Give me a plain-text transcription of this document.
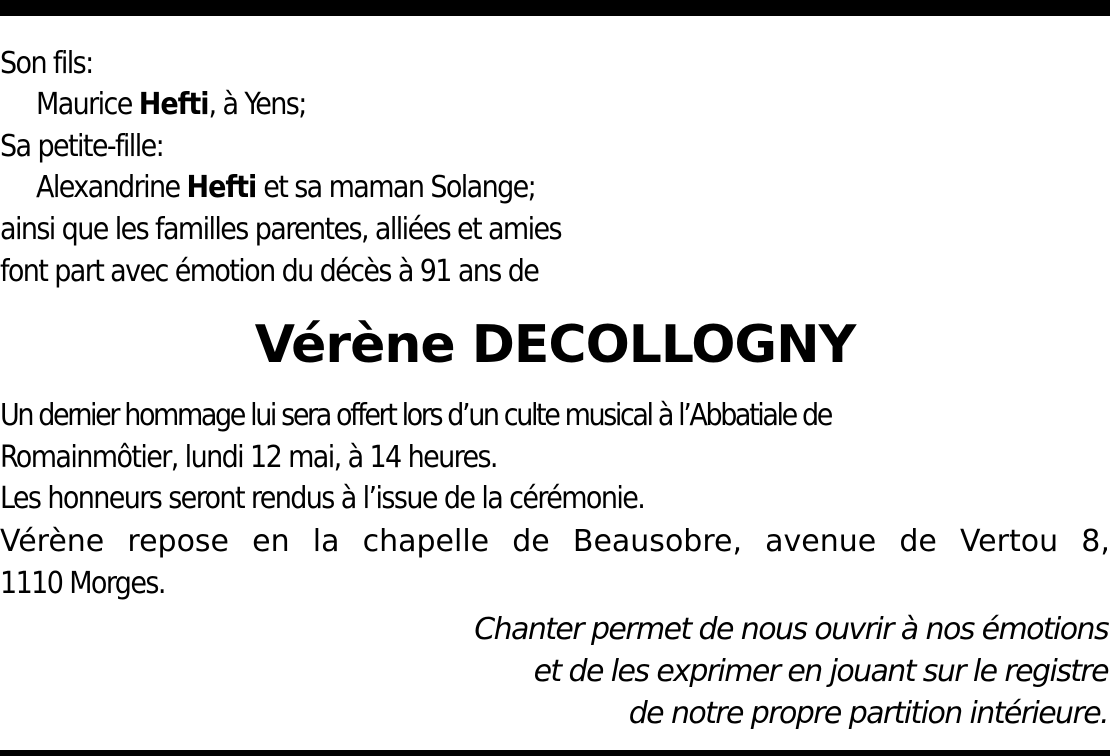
Son fils:
Maurice Hefti, à Yens;
Sa petite-fille:
Alexandrine Hefti et sa maman Solange;
ainsi que les familles parentes, alliées et amies
font part avec émotion du décès à 91 ans de
Vérène DECOLLOGNY
Un dernier hommage lui sera offert lors d’un culte musical à l’Abbatiale de
Romainmôtier, lundi 12 mai, à 14 heures.
Les honneurs seront rendus à l’issue de la cérémonie.
Vérène repose en la chapelle de Beausobre, avenue de Vertou 8,
1110 Morges.
Chanter permet de nous ouvrir à nos émotions
et de les exprimer en jouant sur le registre
de notre propre partition intérieure.
